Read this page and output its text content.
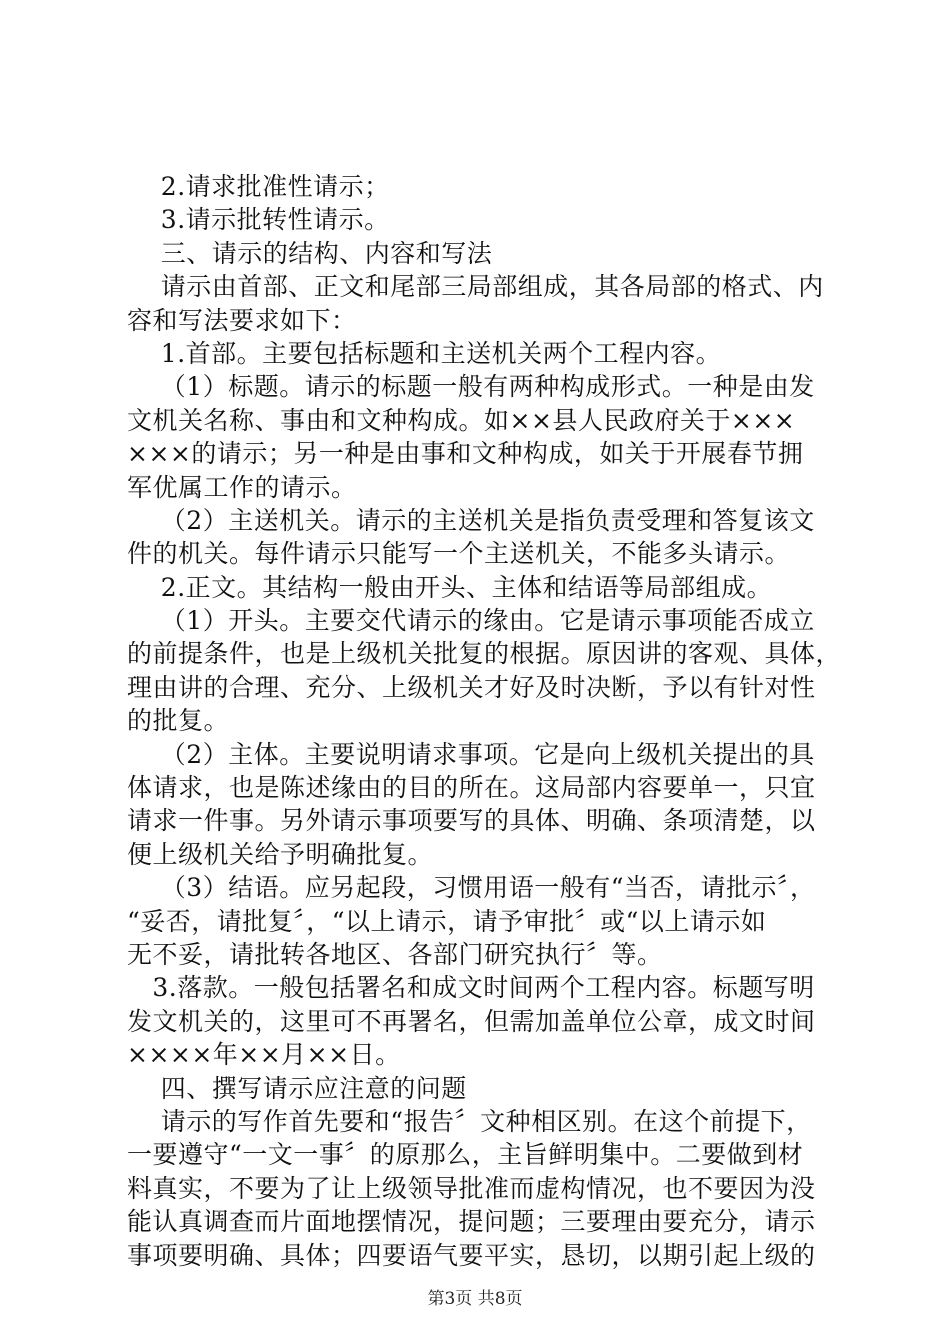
2.请求批准性请示；
3.请示批转性请示。
三、请示的结构、内容和写法
请示由首部、正文和尾部三局部组成，其各局部的格式、内
容和写法要求如下：
1.首部。主要包括标题和主送机关两个工程内容。
（1）标题。请示的标题一般有两种构成形式。一种是由发
文机关名称、事由和文种构成。如××县人民政府关于×××
×××的请示；另一种是由事和文种构成，如关于开展春节拥
军优属工作的请示。
（2）主送机关。请示的主送机关是指负责受理和答复该文
件的机关。每件请示只能写一个主送机关，不能多头请示。
2.正文。其结构一般由开头、主体和结语等局部组成。
（1）开头。主要交代请示的缘由。它是请示事项能否成立
的前提条件，也是上级机关批复的根据。原因讲的客观、具体，
理由讲的合理、充分、上级机关才好及时决断，予以有针对性
的批复。
（2）主体。主要说明请求事项。它是向上级机关提出的具
体请求，也是陈述缘由的目的所在。这局部内容要单一，只宜
请求一件事。另外请示事项要写的具体、明确、条项清楚，以
便上级机关给予明确批复。
（3）结语。应另起段，习惯用语一般有“当否，请批示〞，
“妥否，请批复〞，“以上请示，请予审批〞或“以上请示如
无不妥，请批转各地区、各部门研究执行〞等。
3.落款。一般包括署名和成文时间两个工程内容。标题写明
发文机关的，这里可不再署名，但需加盖单位公章，成文时间
××××年××月××日。
四、撰写请示应注意的问题
请示的写作首先要和“报告〞文种相区别。在这个前提下，
一要遵守“一文一事〞的原那么，主旨鲜明集中。二要做到材
料真实，不要为了让上级领导批准而虚构情况，也不要因为没
能认真调查而片面地摆情况，提问题；三要理由要充分，请示
事项要明确、具体；四要语气要平实，恳切，以期引起上级的
第3页 共8页
